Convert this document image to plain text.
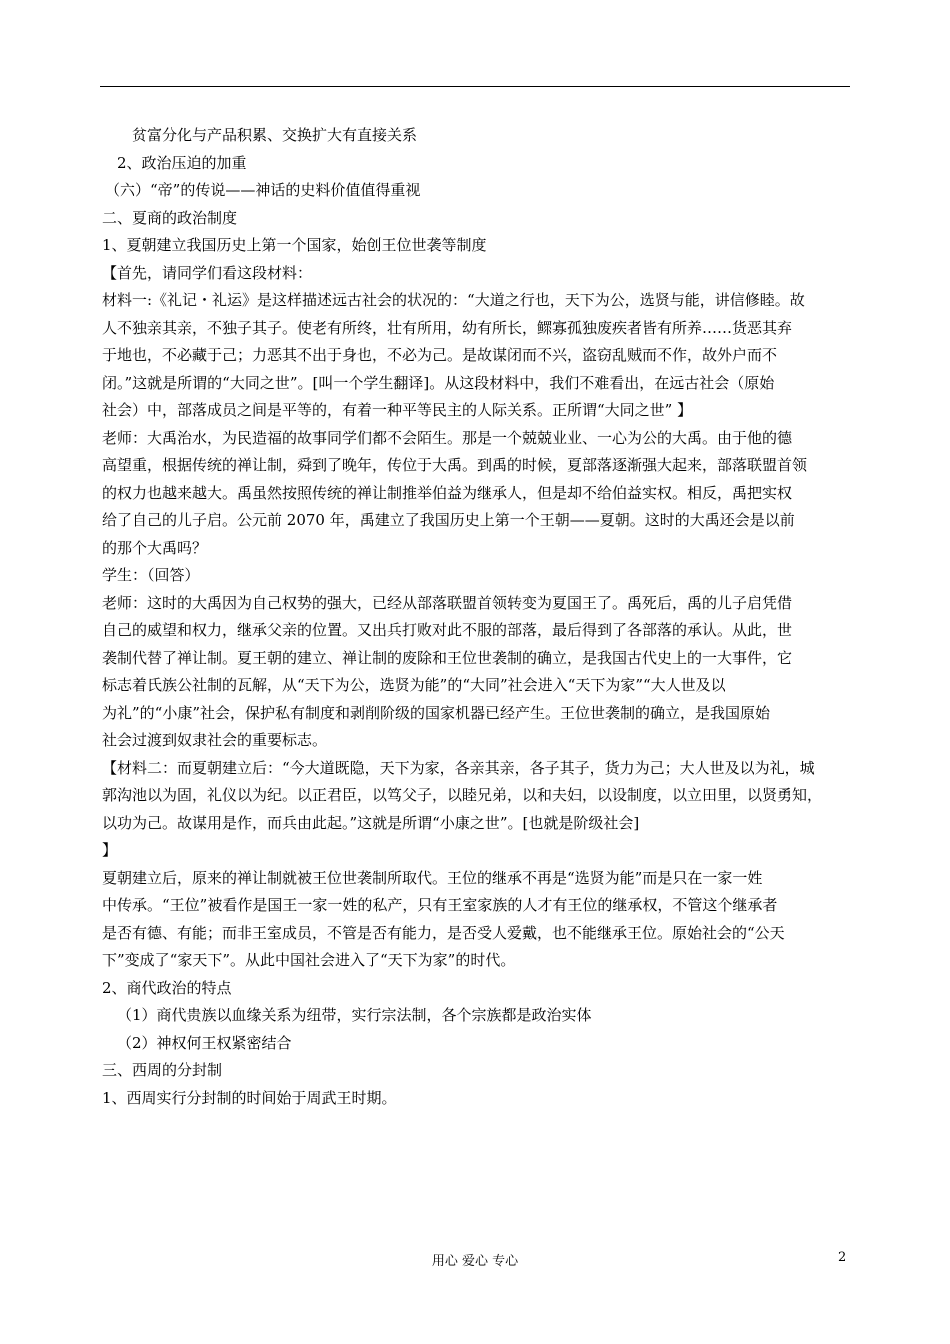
贫富分化与产品积累、交换扩大有直接关系
2、政治压迫的加重
（六）“帝”的传说——神话的史料价值值得重视
二、夏商的政治制度
1、夏朝建立我国历史上第一个国家，始创王位世袭等制度
【首先，请同学们看这段材料：
材料一:《礼记・礼运》是这样描述远古社会的状况的：“大道之行也，天下为公，选贤与能，讲信修睦。故
人不独亲其亲，不独子其子。使老有所终，壮有所用，幼有所长，鳏寡孤独废疾者皆有所养……货恶其弃
于地也，不必藏于己；力恶其不出于身也，不必为己。是故谋闭而不兴，盗窃乱贼而不作，故外户而不
闭。”这就是所谓的“大同之世”。[叫一个学生翻译]。从这段材料中，我们不难看出，在远古社会（原始
社会）中，部落成员之间是平等的，有着一种平等民主的人际关系。正所谓“大同之世” 】
老师：大禹治水，为民造福的故事同学们都不会陌生。那是一个兢兢业业、一心为公的大禹。由于他的德
高望重，根据传统的禅让制，舜到了晚年，传位于大禹。到禹的时候，夏部落逐渐强大起来，部落联盟首领
的权力也越来越大。禹虽然按照传统的禅让制推举伯益为继承人，但是却不给伯益实权。相反，禹把实权
给了自己的儿子启。公元前 2070 年，禹建立了我国历史上第一个王朝——夏朝。这时的大禹还会是以前
的那个大禹吗？
学生：（回答）
老师：这时的大禹因为自己权势的强大，已经从部落联盟首领转变为夏国王了。禹死后，禹的儿子启凭借
自己的威望和权力，继承父亲的位置。又出兵打败对此不服的部落，最后得到了各部落的承认。从此，世
袭制代替了禅让制。夏王朝的建立、禅让制的废除和王位世袭制的确立，是我国古代史上的一大事件，它
标志着氏族公社制的瓦解，从“天下为公，选贤为能”的“大同”社会进入“天下为家”“大人世及以
为礼”的“小康”社会，保护私有制度和剥削阶级的国家机器已经产生。王位世袭制的确立，是我国原始
社会过渡到奴隶社会的重要标志。
【材料二：而夏朝建立后：“今大道既隐，天下为家，各亲其亲，各子其子，货力为己；大人世及以为礼，城
郭沟池以为固，礼仪以为纪。以正君臣，以笃父子，以睦兄弟，以和夫妇，以设制度，以立田里，以贤勇知，
以功为己。故谋用是作，而兵由此起。”这就是所谓“小康之世”。[也就是阶级社会]
】
夏朝建立后，原来的禅让制就被王位世袭制所取代。王位的继承不再是“选贤为能”而是只在一家一姓
中传承。“王位”被看作是国王一家一姓的私产，只有王室家族的人才有王位的继承权，不管这个继承者
是否有德、有能；而非王室成员，不管是否有能力，是否受人爱戴，也不能继承王位。原始社会的“公天
下”变成了“家天下”。从此中国社会进入了“天下为家”的时代。
2、商代政治的特点
（1）商代贵族以血缘关系为纽带，实行宗法制，各个宗族都是政治实体
（2）神权何王权紧密结合
三、西周的分封制
1、西周实行分封制的时间始于周武王时期。
用心 爱心 专心	2
